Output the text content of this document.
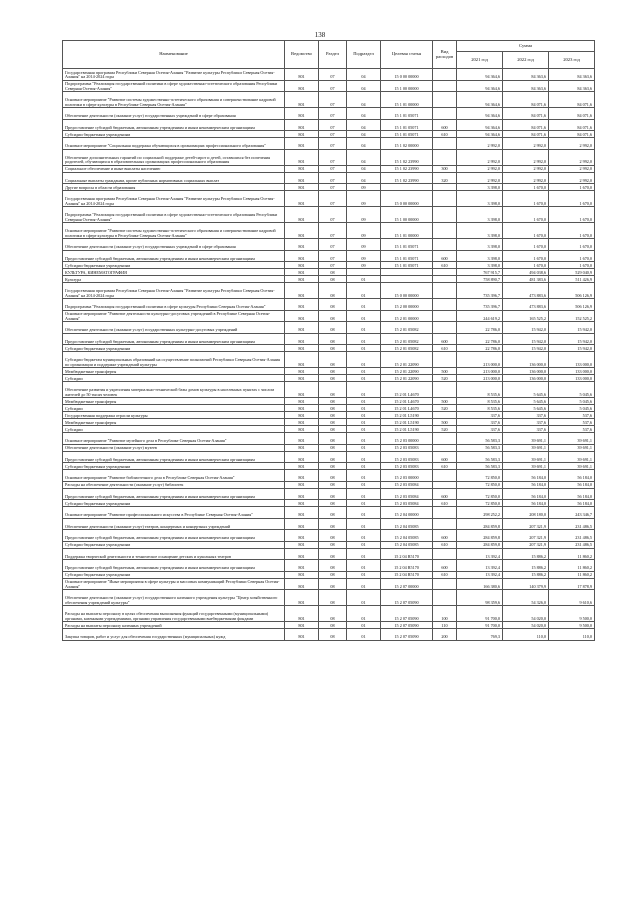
138
Наименование	Ведомство	Раздел	Подраздел	Целевая статья	Вид расходов	Сумма		
						2021 год	2022 год	2023 год
Государственная программа Республики Северная Осетия-Алания "Развитие культуры Республики Северная Осетия-Алания" на 2014-2024 годы	801	07	04	15 0 00 00000		94 364,6	84 363,6	84 363,6
Подпрограмма "Реализация государственной политики в сфере художественно-эстетического образования Республики Северная Осетия-Алания"	801	07	04	15 1 00 00000		94 364,6	84 363,6	84 363,6
Основное мероприятие "Развитие системы художественно-эстетического образования и совершенствование кадровой политики в сфере культуры в Республике Северная Осетия-Алания"	801	07	04	15 1 01 00000		94 364,6	84 071,6	84 071,6
Обеспечение деятельности (оказание услуг) государственных учреждений в сфере образования	801	07	04	15 1 01 05071		94 364,6	84 071,6	84 071,6
Предоставление субсидий бюджетным, автономным учреждениям и иным некоммерческим организациям	801	07	04	15 1 01 05071	600	94 364,6	84 071,6	84 071,6
Субсидии бюджетным учреждениям	801	07	04	15 1 01 05071	610	94 364,6	84 071,6	84 071,6
Основное мероприятие "Социальная поддержка обучающихся в организациях профессионального образования"	801	07	04	15 1 02 00000		2 992,0	2 992,0	2 992,0
Обеспечение дополнительных гарантий по социальной поддержке детей-сирот и детей, оставшихся без попечения родителей, обучающихся в образовательных организациях профессионального образования	801	07	04	15 1 02 23990		2 992,0	2 992,0	2 992,0
Социальное обеспечение и иные выплаты населению	801	07	04	15 1 02 23990	300	2 992,0	2 992,0	2 992,0
Социальные выплаты гражданам, кроме публичных нормативных социальных выплат	801	07	04	15 1 02 23990	320	2 992,0	2 992,0	2 992,0
Другие вопросы в области образования	801	07	09			3 398,0	1 670,0	1 670,0
Государственная программа Республики Северная Осетия-Алания "Развитие культуры Республики Северная Осетия-Алания" на 2014-2024 годы	801	07	09	15 0 00 00000		3 398,0	1 670,0	1 670,0
Подпрограмма "Реализация государственной политики в сфере художественно-эстетического образования Республики Северная Осетия-Алания"	801	07	09	15 1 00 00000		3 398,0	1 670,0	1 670,0
Основное мероприятие "Развитие системы художественно-эстетического образования и совершенствование кадровой политики в сфере культуры в Республике Северная Осетия-Алания"	801	07	09	15 1 01 00000		3 398,0	1 670,0	1 670,0
Обеспечение деятельности (оказание услуг) государственных учреждений в сфере образования	801	07	09	15 1 01 05071		3 398,0	1 670,0	1 670,0
Предоставление субсидий бюджетным, автономным учреждениям и иным некоммерческим организациям	801	07	09	15 1 01 05071	600	3 398,0	1 670,0	1 670,0
Субсидии бюджетным учреждениям	801	07	09	15 1 01 05071	610	3 398,0	1 670,0	1 670,0
КУЛЬТУРА, КИНЕМАТОГРАФИЯ	801	08				767 915,7	494 038,6	529 040,9
Культура	801	08	01			758 890,7	481 383,6	511 426,9
Государственная программа Республики Северная Осетия-Алания "Развитие культуры Республики Северная Осетия-Алания" на 2014-2024 годы	801	08	01	15 0 00 00000		735 396,7	473 883,6	506 126,9
Подпрограмма "Реализация государственной политики в сфере культуры Республики Северная Осетия-Алания"	801	08	01	15 2 00 00000		735 396,7	473 883,6	506 126,9
Основное мероприятие "Развитие деятельности культурно-досуговых учреждений в Республике Северная Осетия-Алания"	801	08	01	15 2 01 00000		244 619,2	165 525,2	152 525,2
Обеспечение деятельности (оказание услуг) государственных культурно-досуговых учреждений	801	08	01	15 2 01 05082		22 786,0	15 942,0	15 942,0
Предоставление субсидий бюджетным, автономным учреждениям и иным некоммерческим организациям	801	08	01	15 2 01 05082	600	22 786,0	15 942,0	15 942,0
Субсидии бюджетным учреждениям	801	08	01	15 2 01 05082	610	22 786,0	15 942,0	15 942,0
Субсидии бюджетам муниципальных образований на осуществление полномочий Республики Северная Осетия-Алания по организации и поддержке учреждений культуры	801	08	01	15 2 01 22090		213 000,0	136 000,0	133 000,0
Межбюджетные трансферты	801	08	01	15 2 01 22090	500	213 000,0	136 000,0	133 000,0
Субсидии	801	08	01	15 2 01 22090	520	213 000,0	136 000,0	133 000,0
Обеспечение развития и укрепления материально-технической базы домов культуры в населенных пунктах с числом жителей до 50 тысяч человек	801	08	01	15 2 01 L4670		8 535,6	5 645,6	5 045,6
Межбюджетные трансферты	801	08	01	15 2 01 L4670	500	8 535,6	5 645,6	5 045,6
Субсидии	801	08	01	15 2 01 L4670	520	8 535,6	5 645,6	5 045,6
Государственная поддержка отрасли культуры	801	08	01	15 2 01 L5190		337,6	337,6	537,6
Межбюджетные трансферты	801	08	01	15 2 01 L5190	500	337,6	337,6	537,6
Субсидии	801	08	01	15 2 01 L5190	520	337,6	337,6	537,6
Основное мероприятие "Развитие музейного дела в Республике Северная Осетия-Алания"	801	08	01	15 2 03 00000		56 583,3	39 691,1	39 691,1
Обеспечение деятельности (оказание услуг) музеев	801	08	01	15 2 03 05083		56 583,3	39 691,1	39 691,1
Предоставление субсидий бюджетным, автономным учреждениям и иным некоммерческим организациям	801	08	01	15 2 03 05083	600	56 583,3	39 691,1	39 691,1
Субсидии бюджетным учреждениям	801	08	01	15 2 03 05083	610	56 583,3	39 691,1	39 691,1
Основное мероприятие "Развитие библиотечного дела в Республике Северная Осетия-Алания"	801	08	01	15 2 03 00000		72 850,0	56 184,0	56 184,0
Расходы на обеспечение деятельности (оказание услуг) библиотек	801	08	01	15 2 03 05084		72 850,0	56 184,0	56 184,0
Предоставление субсидий бюджетным, автономным учреждениям и иным некоммерческим организациям	801	08	01	15 2 03 05084	600	72 850,0	56 184,0	56 184,0
Субсидии бюджетным учреждениям	801	08	01	15 2 03 05084	610	72 850,0	56 184,0	56 184,0
Основное мероприятие "Развитие профессионального искусства в Республике Северная Осетия-Алания"	801	08	01	15 2 04 00000		298 252,2	208 180,0	243 346,7
Обеспечение деятельности (оказание услуг) театров, концертных и концертных учреждений	801	08	01	15 2 04 05085		284 859,8	207 321,9	231 486,5
Предоставление субсидий бюджетным, автономным учреждениям и иным некоммерческим организациям	801	08	01	15 2 04 05085	600	284 859,8	207 321,9	231 486,5
Субсидии бюджетным учреждениям	801	08	01	15 2 04 05085	610	284 859,8	207 321,9	231 486,5
Поддержка творческой деятельности и техническое оснащение детских и кукольных театров	801	08	01	15 2 04 R5170		13 392,4	15 886,2	11 860,2
Предоставление субсидий бюджетным, автономным учреждениям и иным некоммерческим организациям	801	08	01	15 2 04 R5170	600	13 392,4	15 886,2	11 860,2
Субсидии бюджетным учреждениям	801	08	01	15 2 04 R5170	610	13 392,4	15 886,2	11 860,2
Основное мероприятие "Иные мероприятия в сфере культуры и массовых коммуникаций Республики Северная Осетия-Алания"	801	08	01	15 2 07 00000		166 380,6	140 379,9	17 878,9
Обеспечение деятельности (оказание услуг) государственного казенного учреждения культуры "Центр хозяйственного обеспечения учреждений культуры"	801	08	01	15 2 07 05090		98 359,6	54 326,0	9 610,6
Расходы на выплаты персоналу в целях обеспечения выполнения функций государственными (муниципальными) органами, казенными учреждениями, органами управления государственными внебюджетными фондами	801	08	01	15 2 07 05090	100	91 700,0	54 020,0	9 500,0
Расходы на выплаты персоналу казенных учреждений	801	08	01	15 2 07 05090	110	91 700,0	54 020,0	9 500,0
Закупка товаров, работ и услуг для обеспечения государственных (муниципальных) нужд	801	08	01	15 2 07 05090	200	769,3	110,0	110,0
